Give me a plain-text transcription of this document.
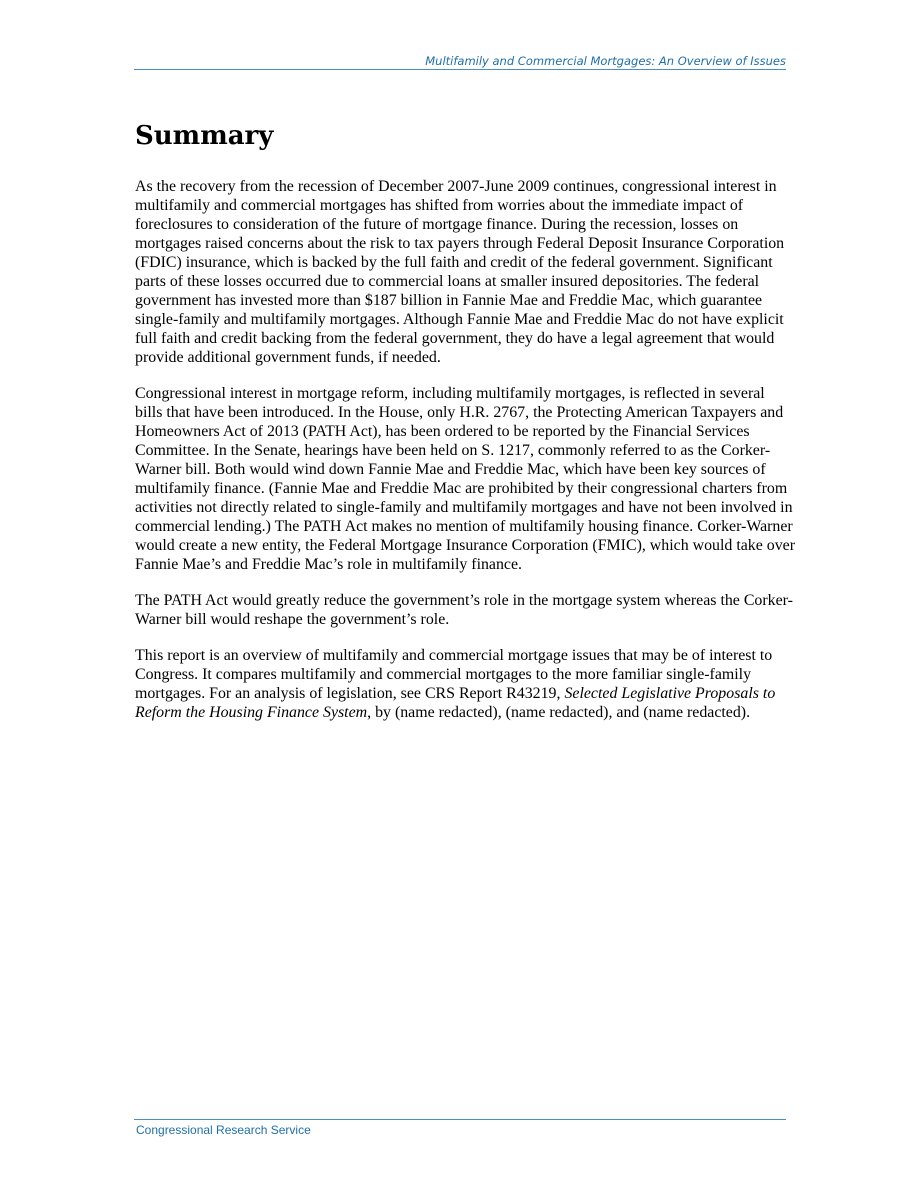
Multifamily and Commercial Mortgages: An Overview of Issues
Summary

As the recovery from the recession of December 2007-June 2009 continues, congressional interest in multifamily and commercial mortgages has shifted from worries about the immediate impact of foreclosures to consideration of the future of mortgage finance. During the recession, losses on mortgages raised concerns about the risk to tax payers through Federal Deposit Insurance Corporation (FDIC) insurance, which is backed by the full faith and credit of the federal government. Significant parts of these losses occurred due to commercial loans at smaller insured depositories. The federal government has invested more than $187 billion in Fannie Mae and Freddie Mac, which guarantee single-family and multifamily mortgages. Although Fannie Mae and Freddie Mac do not have explicit full faith and credit backing from the federal government, they do have a legal agreement that would provide additional government funds, if needed.

Congressional interest in mortgage reform, including multifamily mortgages, is reflected in several bills that have been introduced. In the House, only H.R. 2767, the Protecting American Taxpayers and Homeowners Act of 2013 (PATH Act), has been ordered to be reported by the Financial Services Committee. In the Senate, hearings have been held on S. 1217, commonly referred to as the Corker-Warner bill. Both would wind down Fannie Mae and Freddie Mac, which have been key sources of multifamily finance. (Fannie Mae and Freddie Mac are prohibited by their congressional charters from activities not directly related to single-family and multifamily mortgages and have not been involved in commercial lending.) The PATH Act makes no mention of multifamily housing finance. Corker-Warner would create a new entity, the Federal Mortgage Insurance Corporation (FMIC), which would take over Fannie Mae’s and Freddie Mac’s role in multifamily finance.

The PATH Act would greatly reduce the government’s role in the mortgage system whereas the Corker-Warner bill would reshape the government’s role.

This report is an overview of multifamily and commercial mortgage issues that may be of interest to Congress. It compares multifamily and commercial mortgages to the more familiar single-family mortgages. For an analysis of legislation, see CRS Report R43219, Selected Legislative Proposals to Reform the Housing Finance System, by (name redacted), (name redacted), and (name redacted).

Congressional Research Service
